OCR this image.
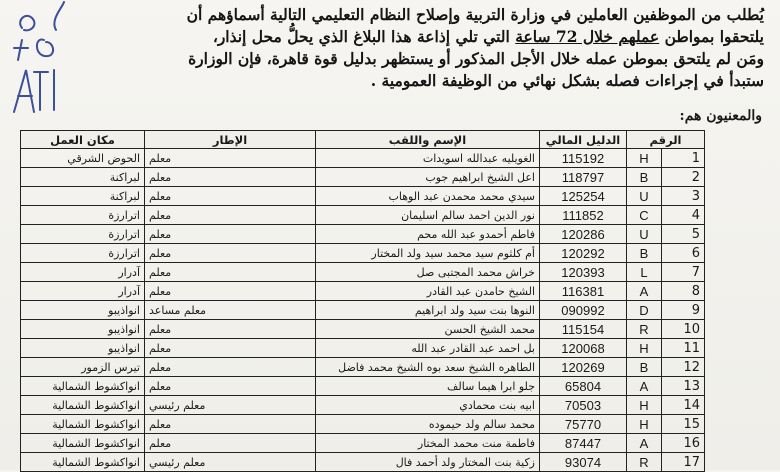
يُطلب من الموظفين العاملين في وزارة التربية وإصلاح النظام التعليمي التالية أسماؤهم أن
يلتحقوا بمواطن عملهم خلال 72 ساعة التي تلي إذاعة هذا البلاغ الذي يحلُّ محل إنذار،
ومَن لم يلتحق بموطن عمله خلال الأجل المذكور أو يستظهر بدليل قوة قاهرة، فإن الوزارة
ستبدأ في إجراءات فصله بشكل نهائي من الوظيفة العمومية .
والمعنيون هم:
الرقم		الدليل المالي	الإسم واللقب	الإطار	مكان العمل
1	H	115192	الغويليه عبدالله اسويدات	معلم	الحوض الشرقي
2	B	118797	اعل الشيخ ابراهيم جوب	معلم	لبراكنة
3	U	125254	سيدي محمد محمدن عبد الوهاب	معلم	لبراكنة
4	C	111852	نور الدين احمد سالم اسليمان	معلم	اترارزة
5	U	120286	فاطم أحمدو عبد الله محم	معلم	اترارزة
6	B	120292	أم كلثوم سيد محمد سيد ولد المختار	معلم	اترارزة
7	L	120393	خراش محمد المجتبى صل	معلم	آدرار
8	A	116381	الشيخ حامدن عبد القادر	معلم	آدرار
9	D	090992	النوها بنت سيد ولد ابراهيم	معلم مساعد	انواذيبو
10	R	115154	محمد الشيخ الحسن	معلم	انواذيبو
11	H	120068	بل احمد عبد القادر عبد الله	معلم	انواذيبو
12	B	120269	الطاهره الشيخ سعد بوه الشيخ محمد فاضل	معلم	تيرس الزمور
13	A	65804	جلو ابرا هيما سالف	معلم	انواكشوط الشمالية
14	H	70503	ابيه بنت محمادي	معلم رئيسي	انواكشوط الشمالية
15	H	75770	محمد سالم ولد حيموده	معلم	انواكشوط الشمالية
16	A	87447	فاطمة منت محمد المختار	معلم	انواكشوط الشمالية
17	R	93074	زكية بنت المختار ولد أحمد فال	معلم رئيسي	انواكشوط الشمالية
